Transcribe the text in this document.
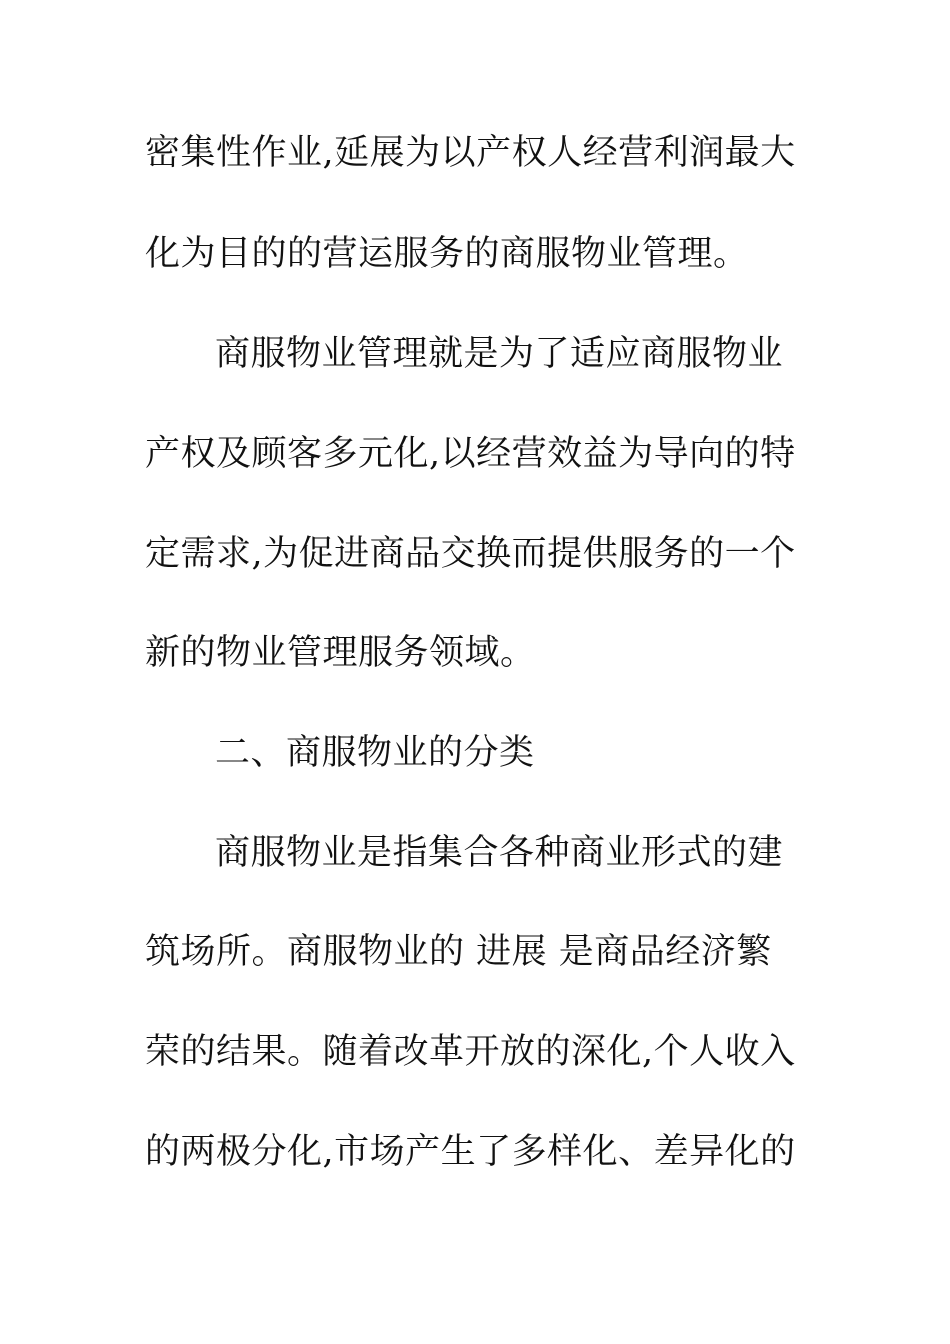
密集性作业,延展为以产权人经营利润最大
化为目的的营运服务的商服物业管理。
商服物业管理就是为了适应商服物业
产权及顾客多元化,以经营效益为导向的特
定需求,为促进商品交换而提供服务的一个
新的物业管理服务领域。
二、商服物业的分类
商服物业是指集合各种商业形式的建
筑场所。商服物业的 进展 是商品经济繁
荣的结果。随着改革开放的深化,个人收入
的两极分化,市场产生了多样化、差异化的
